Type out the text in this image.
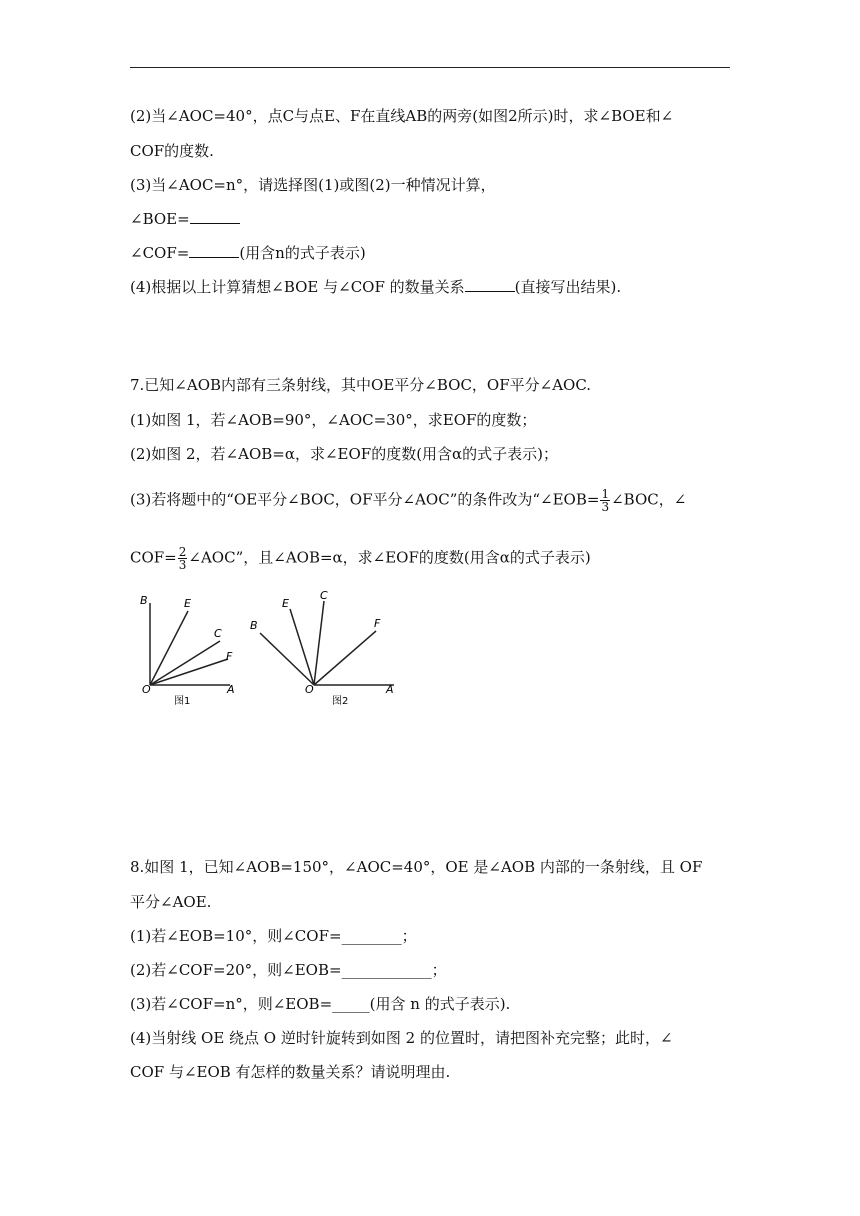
(2)当∠AOC=40°，点C与点E、F在直线AB的两旁(如图2所示)时，求∠BOE和∠
COF的度数.
(3)当∠AOC=n°，请选择图(1)或图(2)一种情况计算，
∠BOE=
∠COF=	(用含n的式子表示)
(4)根据以上计算猜想∠BOE 与∠COF 的数量关系	(直接写出结果).
7.已知∠AOB内部有三条射线，其中OE平分∠BOC，OF平分∠AOC.
(1)如图 1，若∠AOB=90°，∠AOC=30°，求EOF的度数；
(2)如图 2，若∠AOB=α，求∠EOF的度数(用含α的式子表示)；
(3)若将题中的“OE平分∠BOC，OF平分∠AOC”的条件改为“∠EOB= $\frac{1}{3}$ ∠BOC，∠
$COF= \frac{2}{3}$ ∠AOC”，且∠AOB=α，求∠EOF的度数(用含α的式子表示)
B	E
C
F
O	A
图1
E
C
B	F
O	A
图2
8.如图 1，已知∠AOB=150°，∠AOC=40°，OE 是∠AOB 内部的一条射线，且 OF
平分∠AOE.
(1)若∠EOB=10°，则∠COF=________；
(2)若∠COF=20°，则∠EOB=____________；
(3)若∠COF=n°，则∠EOB=_____(用含 n 的式子表示).
(4)当射线 OE 绕点 O 逆时针旋转到如图 2 的位置时，请把图补充完整；此时，∠
COF 与∠EOB 有怎样的数量关系？请说明理由.
